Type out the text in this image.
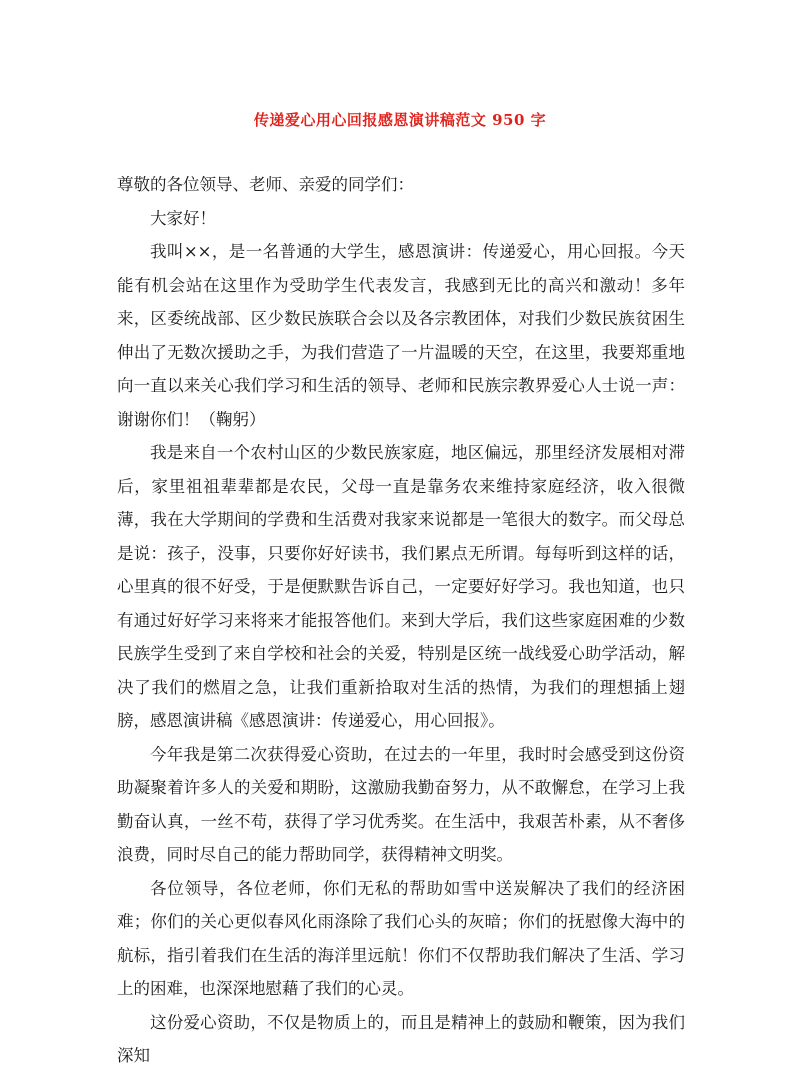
传递爱心用心回报感恩演讲稿范文 950 字

尊敬的各位领导、老师、亲爱的同学们：

大家好！

我叫××，是一名普通的大学生，感恩演讲：传递爱心，用心回报。今天能有机会站在这里作为受助学生代表发言，我感到无比的高兴和激动！多年来，区委统战部、区少数民族联合会以及各宗教团体，对我们少数民族贫困生伸出了无数次援助之手，为我们营造了一片温暖的天空，在这里，我要郑重地向一直以来关心我们学习和生活的领导、老师和民族宗教界爱心人士说一声：谢谢你们！（鞠躬）

我是来自一个农村山区的少数民族家庭，地区偏远，那里经济发展相对滞后，家里祖祖辈辈都是农民，父母一直是靠务农来维持家庭经济，收入很微薄，我在大学期间的学费和生活费对我家来说都是一笔很大的数字。而父母总是说：孩子，没事，只要你好好读书，我们累点无所谓。每每听到这样的话，心里真的很不好受，于是便默默告诉自己，一定要好好学习。我也知道，也只有通过好好学习来将来才能报答他们。来到大学后，我们这些家庭困难的少数民族学生受到了来自学校和社会的关爱，特别是区统一战线爱心助学活动，解决了我们的燃眉之急，让我们重新拾取对生活的热情，为我们的理想插上翅膀，感恩演讲稿《感恩演讲：传递爱心，用心回报》。

今年我是第二次获得爱心资助，在过去的一年里，我时时会感受到这份资助凝聚着许多人的关爱和期盼，这激励我勤奋努力，从不敢懈怠，在学习上我勤奋认真，一丝不苟，获得了学习优秀奖。在生活中，我艰苦朴素，从不奢侈浪费，同时尽自己的能力帮助同学，获得精神文明奖。

各位领导，各位老师，你们无私的帮助如雪中送炭解决了我们的经济困难；你们的关心更似春风化雨涤除了我们心头的灰暗；你们的抚慰像大海中的航标，指引着我们在生活的海洋里远航！你们不仅帮助我们解决了生活、学习上的困难，也深深地慰藉了我们的心灵。

这份爱心资助，不仅是物质上的，而且是精神上的鼓励和鞭策，因为我们深知
